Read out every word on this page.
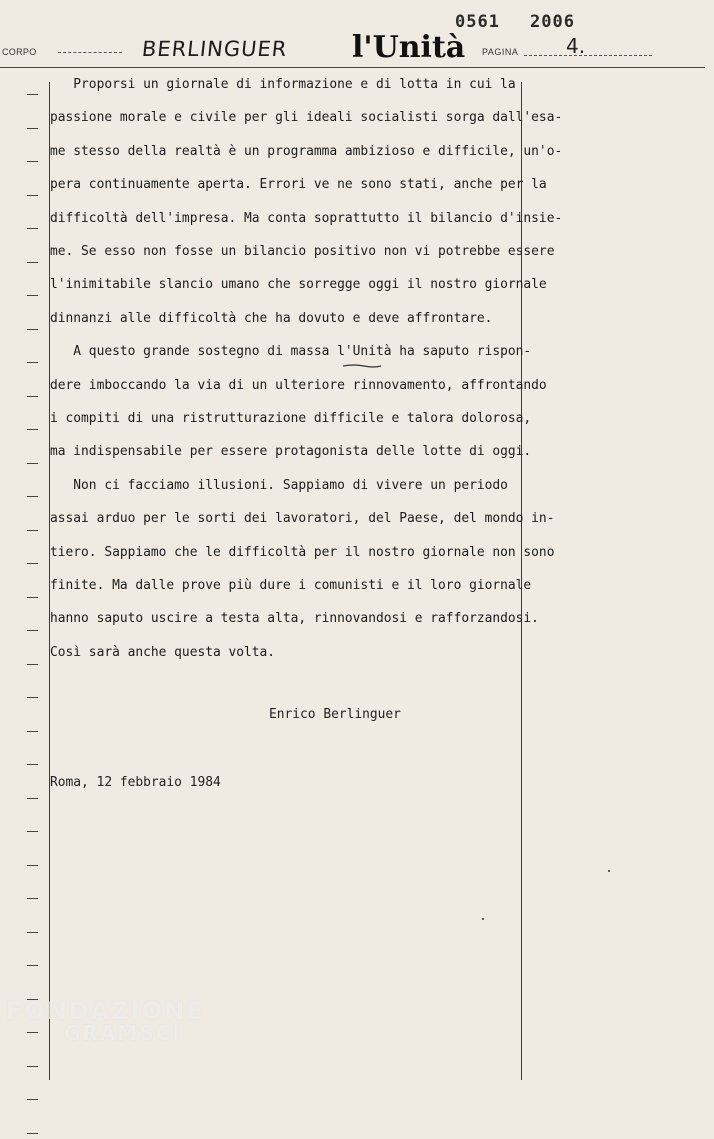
0561 2006
CORPO	BERLINGUER l'Unità PAGINA 4.
Proporsi un giornale di informazione e di lotta in cui la
passione morale e civile per gli ideali socialisti sorga dall'esa-
me stesso della realtà è un programma ambizioso e difficile, un'o-
pera continuamente aperta. Errori ve ne sono stati, anche per la
difficoltà dell'impresa. Ma conta soprattutto il bilancio d'insie-
me. Se esso non fosse un bilancio positivo non vi potrebbe essere
l'inimitabile slancio umano che sorregge oggi il nostro giornale
dinnanzi alle difficoltà che ha dovuto e deve affrontare.
A questo grande sostegno di massa l'Unità ha saputo rispon-
dere imboccando la via di un ulteriore rinnovamento, affrontando
i compiti di una ristrutturazione difficile e talora dolorosa,
ma indispensabile per essere protagonista delle lotte di oggi.
Non ci facciamo illusioni. Sappiamo di vivere un periodo
assai arduo per le sorti dei lavoratori, del Paese, del mondo in-
tiero. Sappiamo che le difficoltà per il nostro giornale non sono
finite. Ma dalle prove più dure i comunisti e il loro giornale
hanno saputo uscire a testa alta, rinnovandosi e rafforzandosi.
Così sarà anche questa volta.
Enrico Berlinguer
Roma, 12 febbraio 1984
FONDAZIONE
GRAMSCI
